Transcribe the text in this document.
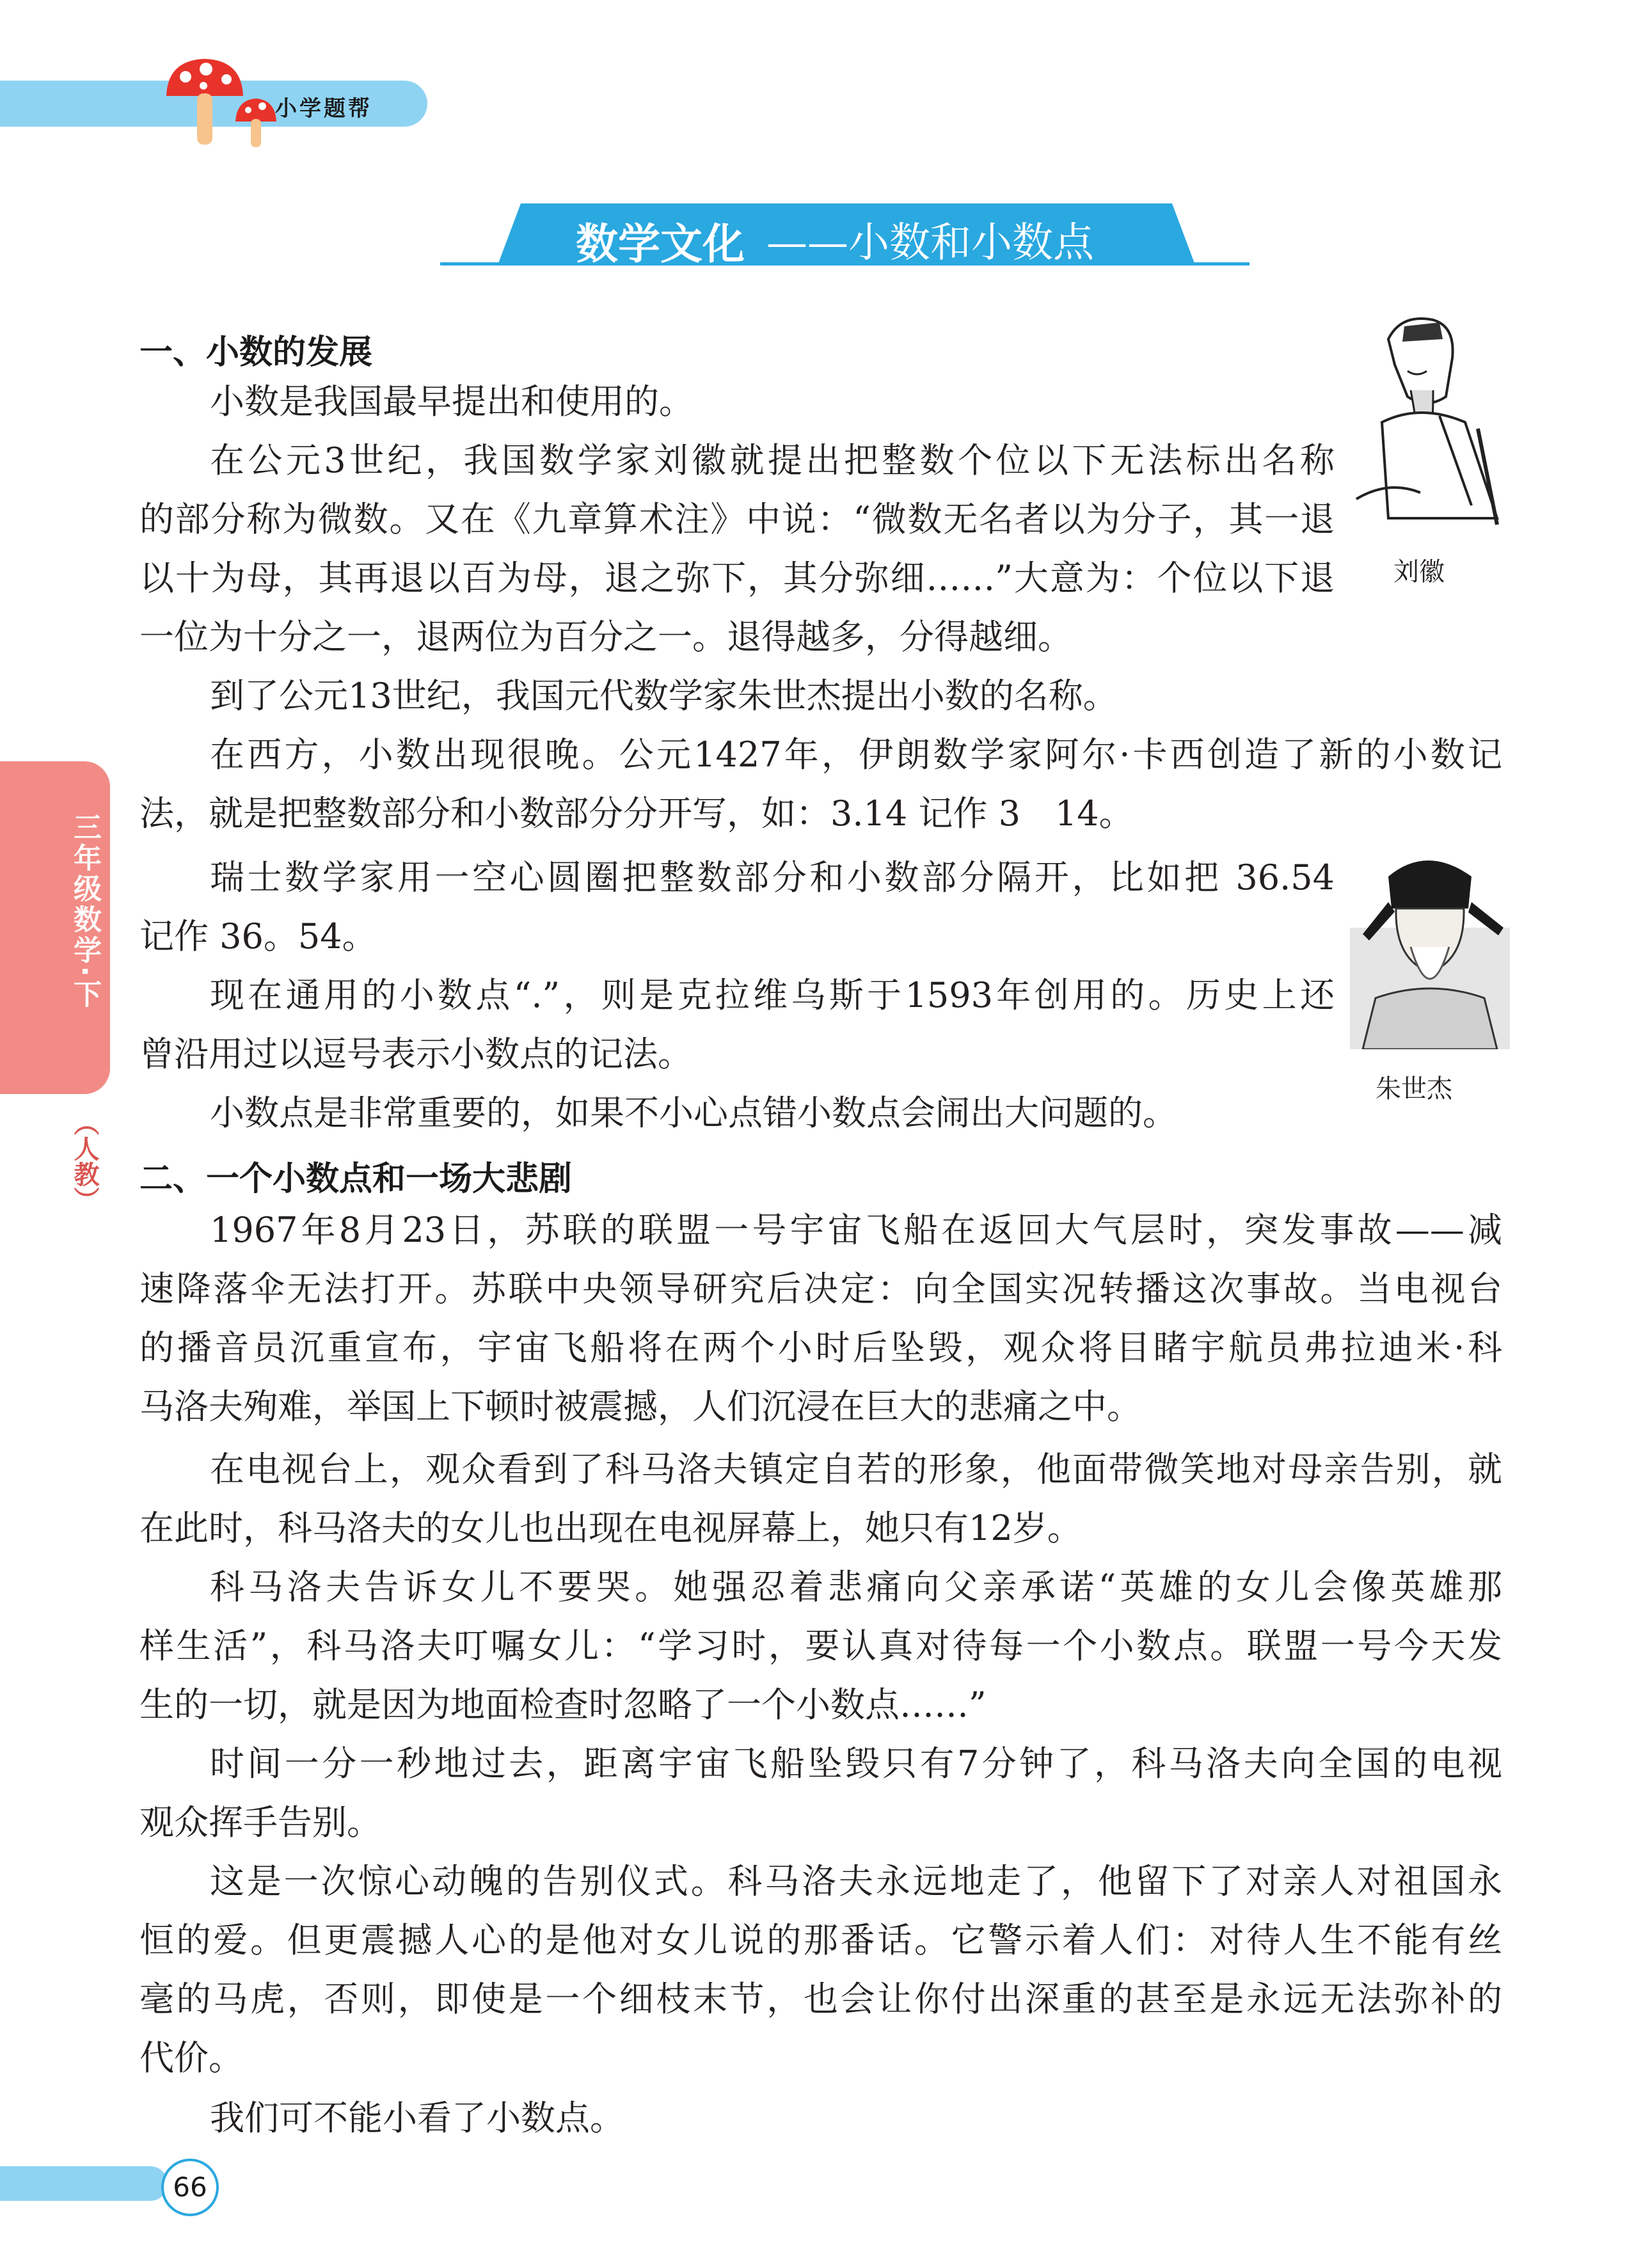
小学题帮
数学文化 ——小数和小数点
一、小数的发展
小数是我国最早提出和使用的。
在公元3世纪，我国数学家刘徽就提出把整数个位以下无法标出名称
的部分称为微数。又在《九章算术注》中说：“微数无名者以为分子，其一退
以十为母，其再退以百为母，退之弥下，其分弥细……”大意为：个位以下退
一位为十分之一，退两位为百分之一。退得越多，分得越细。
到了公元13世纪，我国元代数学家朱世杰提出小数的名称。
在西方，小数出现很晚。公元1427年，伊朗数学家阿尔·卡西创造了新的小数记
法，就是把整数部分和小数部分分开写，如：3.14 记作 3　14。
瑞士数学家用一空心圆圈把整数部分和小数部分隔开，比如把 36.54
记作 36。54。
现在通用的小数点“.”，则是克拉维乌斯于1593年创用的。历史上还
曾沿用过以逗号表示小数点的记法。
小数点是非常重要的，如果不小心点错小数点会闹出大问题的。
二、一个小数点和一场大悲剧
1967年8月23日，苏联的联盟一号宇宙飞船在返回大气层时，突发事故——减
速降落伞无法打开。苏联中央领导研究后决定：向全国实况转播这次事故。当电视台
的播音员沉重宣布，宇宙飞船将在两个小时后坠毁，观众将目睹宇航员弗拉迪米·科
马洛夫殉难，举国上下顿时被震撼，人们沉浸在巨大的悲痛之中。
在电视台上，观众看到了科马洛夫镇定自若的形象，他面带微笑地对母亲告别，就
在此时，科马洛夫的女儿也出现在电视屏幕上，她只有12岁。
科马洛夫告诉女儿不要哭。她强忍着悲痛向父亲承诺“英雄的女儿会像英雄那
样生活”，科马洛夫叮嘱女儿：“学习时，要认真对待每一个小数点。联盟一号今天发
生的一切，就是因为地面检查时忽略了一个小数点……”
时间一分一秒地过去，距离宇宙飞船坠毁只有7分钟了，科马洛夫向全国的电视
观众挥手告别。
这是一次惊心动魄的告别仪式。科马洛夫永远地走了，他留下了对亲人对祖国永
恒的爱。但更震撼人心的是他对女儿说的那番话。它警示着人们：对待人生不能有丝
毫的马虎，否则，即使是一个细枝末节，也会让你付出深重的甚至是永远无法弥补的
代价。
我们可不能小看了小数点。
刘徽
朱世杰
三年级数学·下
（人教）
66
